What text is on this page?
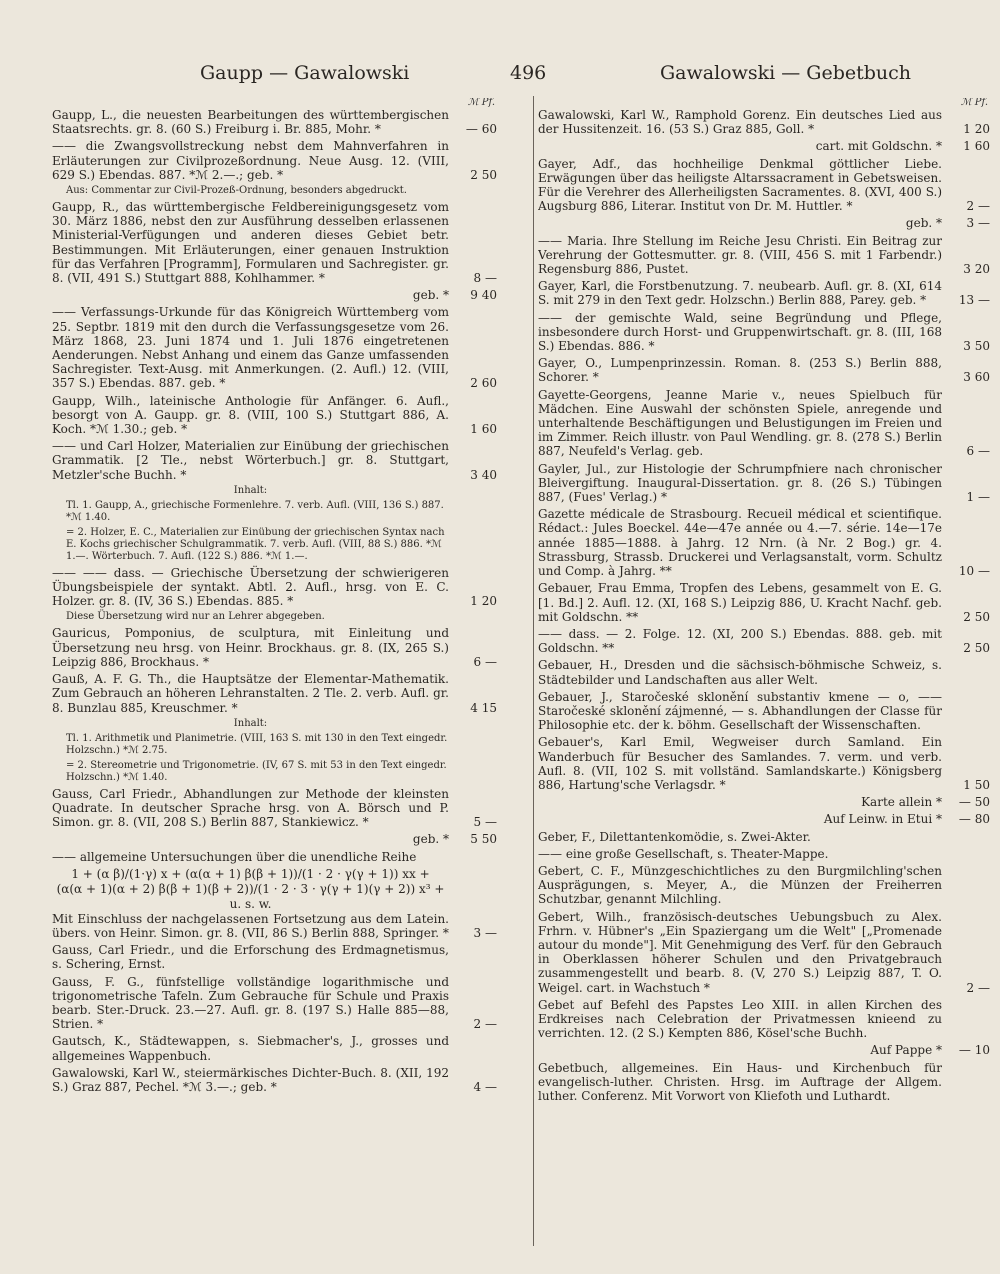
Gaupp — Gawalowski	496	Gawalowski — Gebetbuch
ℳ Pf.
Gaupp, L., die neuesten Bearbeitungen des württembergischen Staatsrechts. gr. 8. (60 S.) Freiburg i. Br. 885, Mohr. *	— 60
—— die Zwangsvollstreckung nebst dem Mahnverfahren in Erläuterungen zur Civilprozeßordnung. Neue Ausg. 12. (VIII, 629 S.) Ebendas. 887. *ℳ 2.—.; geb. *	2 50
Aus: Commentar zur Civil-Prozeß-Ordnung, besonders abgedruckt.
Gaupp, R., das württembergische Feldbereinigungsgesetz vom 30. März 1886, nebst den zur Ausführung desselben erlassenen Ministerial-Verfügungen und anderen dieses Gebiet betr. Bestimmungen. Mit Erläuterungen, einer genauen Instruktion für das Verfahren [Programm], Formularen und Sachregister. gr. 8. (VII, 491 S.) Stuttgart 888, Kohlhammer. *	8 —
geb. *	9 40
—— Verfassungs-Urkunde für das Königreich Württemberg vom 25. Septbr. 1819 mit den durch die Verfassungsgesetze vom 26. März 1868, 23. Juni 1874 und 1. Juli 1876 eingetretenen Aenderungen. Nebst Anhang und einem das Ganze umfassenden Sachregister. Text-Ausg. mit Anmerkungen. (2. Aufl.) 12. (VIII, 357 S.) Ebendas. 887. geb. *	2 60
Gaupp, Wilh., lateinische Anthologie für Anfänger. 6. Aufl., besorgt von A. Gaupp. gr. 8. (VIII, 100 S.) Stuttgart 886, A. Koch. *ℳ 1.30.; geb. *	1 60
—— und Carl Holzer, Materialien zur Einübung der griechischen Grammatik. [2 Tle., nebst Wörterbuch.] gr. 8. Stuttgart, Metzler'sche Buchh. *	3 40
Inhalt:
Tl. 1. Gaupp, A., griechische Formenlehre. 7. verb. Aufl. (VIII, 136 S.) 887. *ℳ 1.40.
= 2. Holzer, E. C., Materialien zur Einübung der griechischen Syntax nach E. Kochs griechischer Schulgrammatik. 7. verb. Aufl. (VIII, 88 S.) 886. *ℳ 1.—. Wörterbuch. 7. Aufl. (122 S.) 886. *ℳ 1.—.
—— —— dass. — Griechische Übersetzung der schwierigeren Übungsbeispiele der syntakt. Abtl. 2. Aufl., hrsg. von E. C. Holzer. gr. 8. (IV, 36 S.) Ebendas. 885. *	1 20
Diese Übersetzung wird nur an Lehrer abgegeben.
Gauricus, Pomponius, de sculptura, mit Einleitung und Übersetzung neu hrsg. von Heinr. Brockhaus. gr. 8. (IX, 265 S.) Leipzig 886, Brockhaus. *	6 —
Gauß, A. F. G. Th., die Hauptsätze der Elementar-Mathematik. Zum Gebrauch an höheren Lehranstalten. 2 Tle. 2. verb. Aufl. gr. 8. Bunzlau 885, Kreuschmer. *	4 15
Inhalt:
Tl. 1. Arithmetik und Planimetrie. (VIII, 163 S. mit 130 in den Text eingedr. Holzschn.) *ℳ 2.75.
= 2. Stereometrie und Trigonometrie. (IV, 67 S. mit 53 in den Text eingedr. Holzschn.) *ℳ 1.40.
Gauss, Carl Friedr., Abhandlungen zur Methode der kleinsten Quadrate. In deutscher Sprache hrsg. von A. Börsch und P. Simon. gr. 8. (VII, 208 S.) Berlin 887, Stankiewicz. *	5 —
geb. *	5 50
—— allgemeine Untersuchungen über die unendliche Reihe
1 + (α β)/(1·γ) x + (α(α + 1) β(β + 1))/(1 · 2 · γ(γ + 1)) xx +
(α(α + 1)(α + 2) β(β + 1)(β + 2))/(1 · 2 · 3 · γ(γ + 1)(γ + 2)) x³ + u. s. w.
Mit Einschluss der nachgelassenen Fortsetzung aus dem Latein. übers. von Heinr. Simon. gr. 8. (VII, 86 S.) Berlin 888, Springer. *	3 —
Gauss, Carl Friedr., und die Erforschung des Erdmagnetismus, s. Schering, Ernst.
Gauss, F. G., fünfstellige vollständige logarithmische und trigonometrische Tafeln. Zum Gebrauche für Schule und Praxis bearb. Ster.-Druck. 23.—27. Aufl. gr. 8. (197 S.) Halle 885—88, Strien. *	2 —
Gautsch, K., Städtewappen, s. Siebmacher's, J., grosses und allgemeines Wappenbuch.
Gawalowski, Karl W., steiermärkisches Dichter-Buch. 8. (XII, 192 S.) Graz 887, Pechel. *ℳ 3.—.; geb. *	4 —
ℳ Pf.
Gawalowski, Karl W., Ramphold Gorenz. Ein deutsches Lied aus der Hussitenzeit. 16. (53 S.) Graz 885, Goll. *	1 20
cart. mit Goldschn. *	1 60
Gayer, Adf., das hochheilige Denkmal göttlicher Liebe. Erwägungen über das heiligste Altarssacrament in Gebetsweisen. Für die Verehrer des Allerheiligsten Sacramentes. 8. (XVI, 400 S.) Augsburg 886, Literar. Institut von Dr. M. Huttler. *	2 —
geb. *	3 —
—— Maria. Ihre Stellung im Reiche Jesu Christi. Ein Beitrag zur Verehrung der Gottesmutter. gr. 8. (VIII, 456 S. mit 1 Farbendr.) Regensburg 886, Pustet.	3 20
Gayer, Karl, die Forstbenutzung. 7. neubearb. Aufl. gr. 8. (XI, 614 S. mit 279 in den Text gedr. Holzschn.) Berlin 888, Parey. geb. *	13 —
—— der gemischte Wald, seine Begründung und Pflege, insbesondere durch Horst- und Gruppenwirtschaft. gr. 8. (III, 168 S.) Ebendas. 886. *	3 50
Gayer, O., Lumpenprinzessin. Roman. 8. (253 S.) Berlin 888, Schorer. *	3 60
Gayette-Georgens, Jeanne Marie v., neues Spielbuch für Mädchen. Eine Auswahl der schönsten Spiele, anregende und unterhaltende Beschäftigungen und Belustigungen im Freien und im Zimmer. Reich illustr. von Paul Wendling. gr. 8. (278 S.) Berlin 887, Neufeld's Verlag. geb.	6 —
Gayler, Jul., zur Histologie der Schrumpfniere nach chronischer Bleivergiftung. Inaugural-Dissertation. gr. 8. (26 S.) Tübingen 887, (Fues' Verlag.) *	1 —
Gazette médicale de Strasbourg. Recueil médical et scientifique. Rédact.: Jules Boeckel. 44e—47e année ou 4.—7. série. 14e—17e année 1885—1888. à Jahrg. 12 Nrn. (à Nr. 2 Bog.) gr. 4. Strassburg, Strassb. Druckerei und Verlagsanstalt, vorm. Schultz und Comp. à Jahrg. **	10 —
Gebauer, Frau Emma, Tropfen des Lebens, gesammelt von E. G. [1. Bd.] 2. Aufl. 12. (XI, 168 S.) Leipzig 886, U. Kracht Nachf. geb. mit Goldschn. **	2 50
—— dass. — 2. Folge. 12. (XI, 200 S.) Ebendas. 888. geb. mit Goldschn. **	2 50
Gebauer, H., Dresden und die sächsisch-böhmische Schweiz, s. Städtebilder und Landschaften aus aller Welt.
Gebauer, J., Staročeské sklonění substantiv kmene — o, —— Staročeské sklonění zájmenné, — s. Abhandlungen der Classe für Philosophie etc. der k. böhm. Gesellschaft der Wissenschaften.
Gebauer's, Karl Emil, Wegweiser durch Samland. Ein Wanderbuch für Besucher des Samlandes. 7. verm. und verb. Aufl. 8. (VII, 102 S. mit vollständ. Samlandskarte.) Königsberg 886, Hartung'sche Verlagsdr. *	1 50
Karte allein *	— 50
Auf Leinw. in Etui *	— 80
Geber, F., Dilettantenkomödie, s. Zwei-Akter.
—— eine große Gesellschaft, s. Theater-Mappe.
Gebert, C. F., Münzgeschichtliches zu den Burgmilchling'schen Ausprägungen, s. Meyer, A., die Münzen der Freiherren Schutzbar, genannt Milchling.
Gebert, Wilh., französisch-deutsches Uebungsbuch zu Alex. Frhrn. v. Hübner's „Ein Spaziergang um die Welt" [„Promenade autour du monde"]. Mit Genehmigung des Verf. für den Gebrauch in Oberklassen höherer Schulen und den Privatgebrauch zusammengestellt und bearb. 8. (V, 270 S.) Leipzig 887, T. O. Weigel. cart. in Wachstuch *	2 —
Gebet auf Befehl des Papstes Leo XIII. in allen Kirchen des Erdkreises nach Celebration der Privatmessen knieend zu verrichten. 12. (2 S.) Kempten 886, Kösel'sche Buchh.
Auf Pappe *	— 10
Gebetbuch, allgemeines. Ein Haus- und Kirchenbuch für evangelisch-luther. Christen. Hrsg. im Auftrage der Allgem. luther. Conferenz. Mit Vorwort von Kliefoth und Luthardt.
